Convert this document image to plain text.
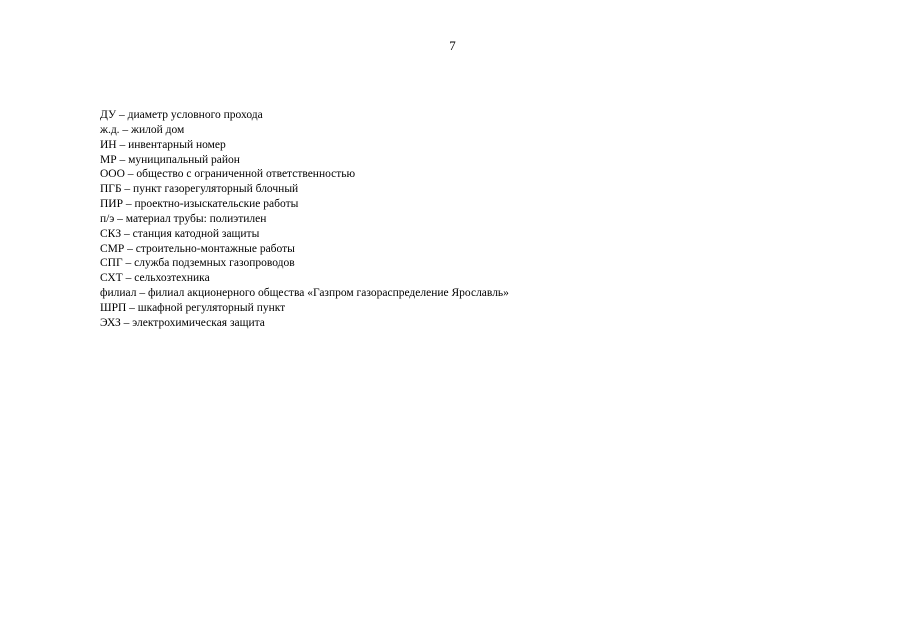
7
ДУ – диаметр условного прохода
ж.д. – жилой дом
ИН – инвентарный номер
МР – муниципальный район
ООО – общество с ограниченной ответственностью
ПГБ – пункт газорегуляторный блочный
ПИР – проектно-изыскательские работы
п/э – материал трубы: полиэтилен
СКЗ – станция катодной защиты
СМР – строительно-монтажные работы
СПГ – служба подземных газопроводов
СХТ – сельхозтехника
филиал – филиал акционерного общества «Газпром газораспределение Ярославль»
ШРП – шкафной регуляторный пункт
ЭХЗ – электрохимическая защита
